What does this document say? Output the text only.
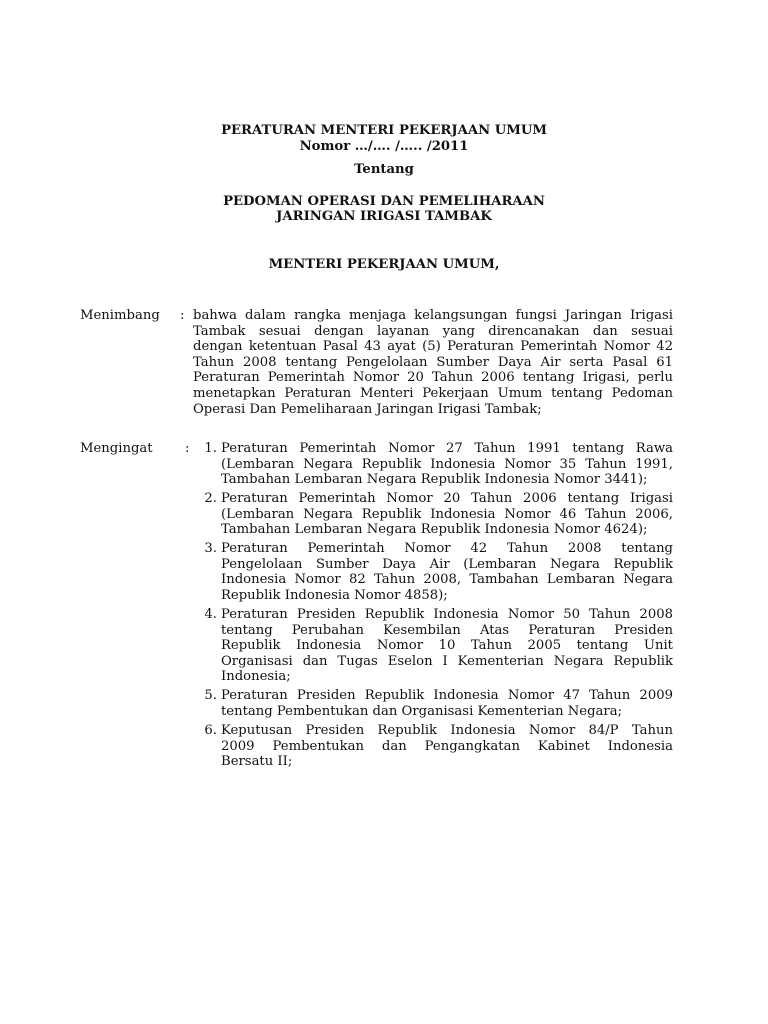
PERATURAN MENTERI PEKERJAAN UMUM
Nomor …/…. /….. /2011
Tentang
PEDOMAN OPERASI DAN PEMELIHARAAN
JARINGAN IRIGASI TAMBAK
MENTERI PEKERJAAN UMUM,
Menimbang	: bahwa dalam rangka menjaga kelangsungan fungsi Jaringan Irigasi
Tambak sesuai dengan layanan yang direncanakan dan sesuai
dengan ketentuan Pasal 43 ayat (5) Peraturan Pemerintah Nomor 42
Tahun 2008 tentang Pengelolaan Sumber Daya Air serta Pasal 61
Peraturan Pemerintah Nomor 20 Tahun 2006 tentang Irigasi, perlu
menetapkan Peraturan Menteri Pekerjaan Umum tentang Pedoman
Operasi Dan Pemeliharaan Jaringan Irigasi Tambak;
Mengingat	:	1. Peraturan Pemerintah Nomor 27 Tahun 1991 tentang Rawa
(Lembaran Negara Republik Indonesia Nomor 35 Tahun 1991,
Tambahan Lembaran Negara Republik Indonesia Nomor 3441);
2. Peraturan Pemerintah Nomor 20 Tahun 2006 tentang Irigasi
(Lembaran Negara Republik Indonesia Nomor 46 Tahun 2006,
Tambahan Lembaran Negara Republik Indonesia Nomor 4624);
3. Peraturan Pemerintah Nomor 42 Tahun 2008 tentang
Pengelolaan Sumber Daya Air (Lembaran Negara Republik
Indonesia Nomor 82 Tahun 2008, Tambahan Lembaran Negara
Republik Indonesia Nomor 4858);
4. Peraturan Presiden Republik Indonesia Nomor 50 Tahun 2008
tentang Perubahan Kesembilan Atas Peraturan Presiden
Republik Indonesia Nomor 10 Tahun 2005 tentang Unit
Organisasi dan Tugas Eselon I Kementerian Negara Republik
Indonesia;
5. Peraturan Presiden Republik Indonesia Nomor 47 Tahun 2009
tentang Pembentukan dan Organisasi Kementerian Negara;
6. Keputusan Presiden Republik Indonesia Nomor 84/P Tahun
2009 Pembentukan dan Pengangkatan Kabinet Indonesia
Bersatu II;
